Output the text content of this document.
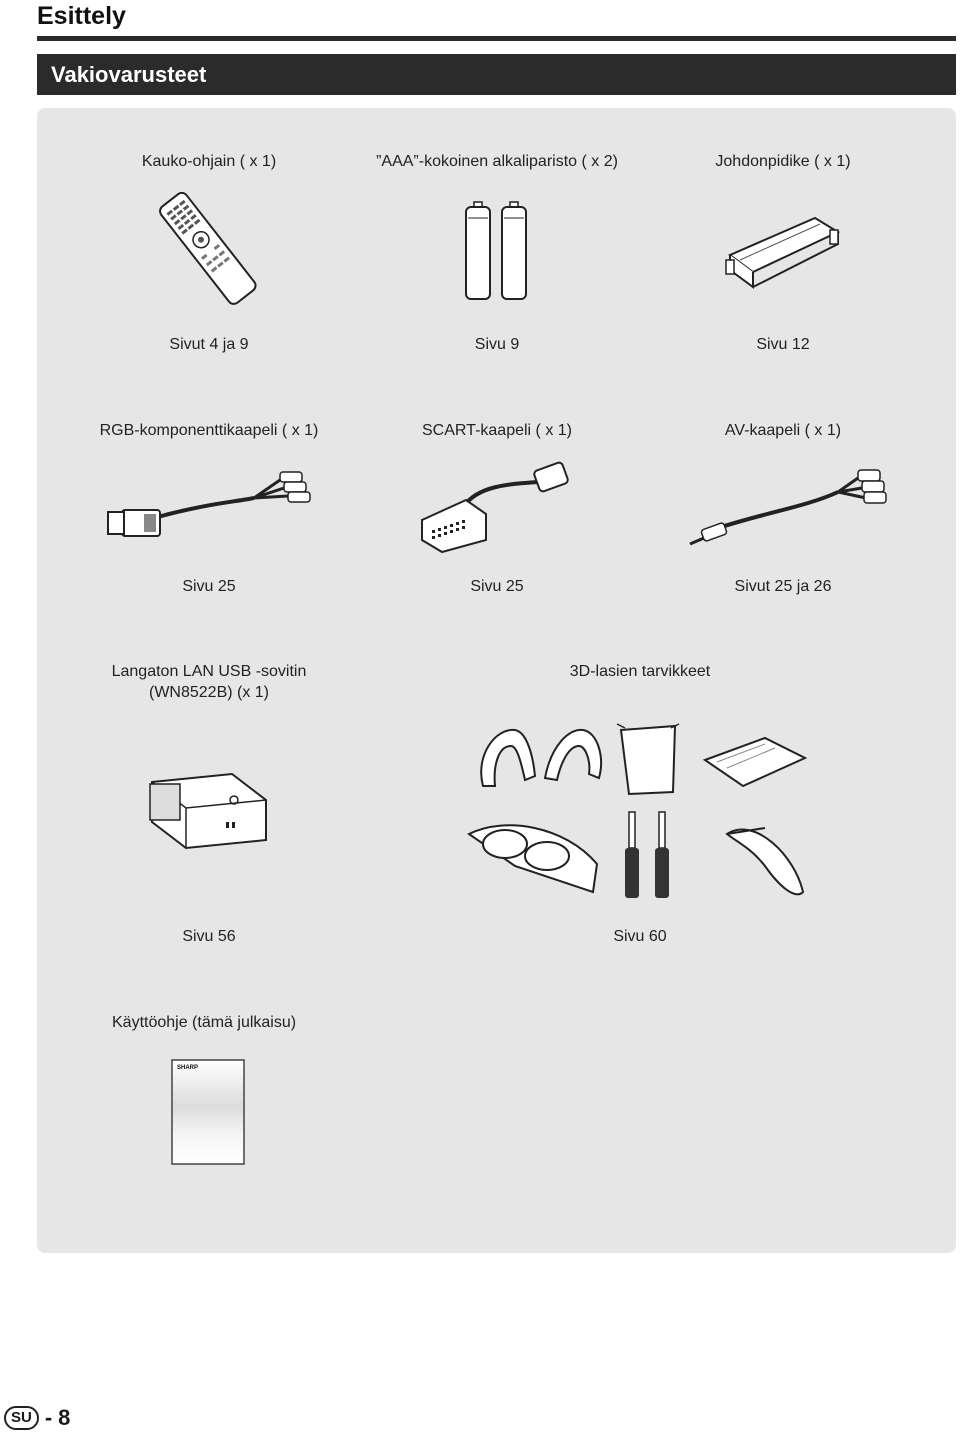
Esittely
Vakiovarusteet
Kauko-ohjain ( x 1)	”AAA”-kokoinen alkaliparisto ( x 2)	Johdonpidike ( x 1)
Sivut 4 ja 9	Sivu 9	Sivu 12
RGB-komponenttikaapeli ( x 1)	SCART-kaapeli ( x 1)	AV-kaapeli ( x 1)
Sivu 25	Sivu 25	Sivut 25 ja 26
Langaton LAN USB -sovitin
(WN8522B) (x 1)
3D-lasien tarvikkeet
Sivu 56	Sivu 60
Käyttöohje (tämä julkaisu)
SHARP
SU - 8
